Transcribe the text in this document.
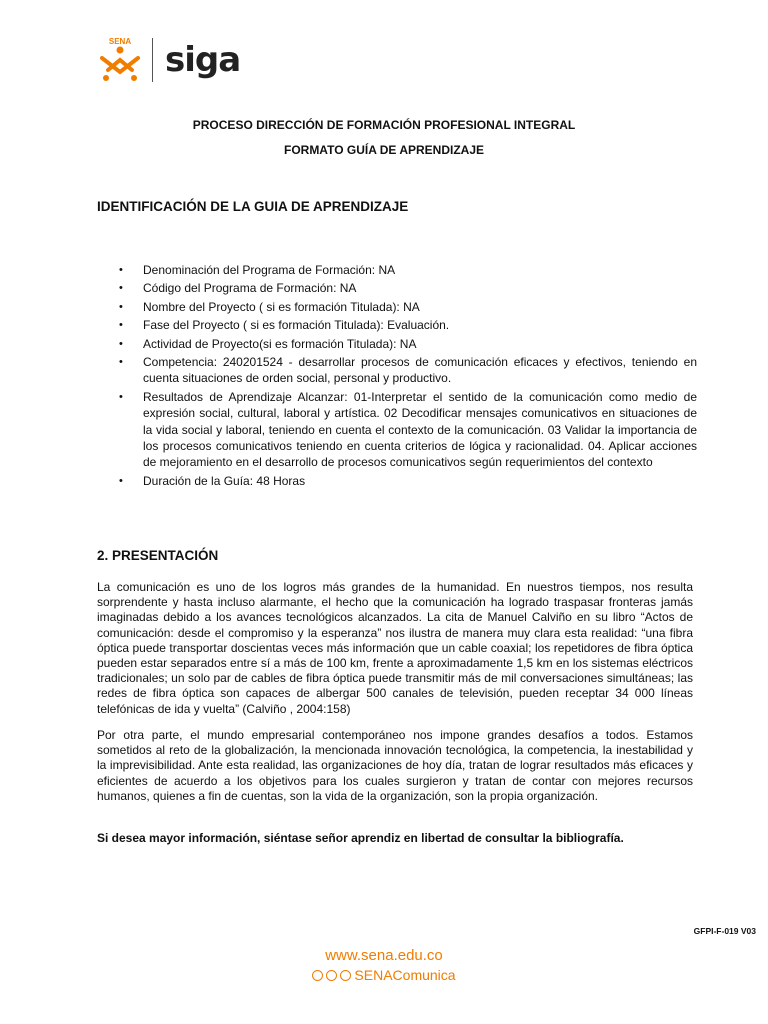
SENA siga
PROCESO DIRECCIÓN DE FORMACIÓN PROFESIONAL INTEGRAL
FORMATO GUÍA DE APRENDIZAJE
IDENTIFICACIÓN DE LA GUIA DE APRENDIZAJE
• Denominación del Programa de Formación: NA
• Código del Programa de Formación: NA
• Nombre del Proyecto ( si es formación Titulada): NA
• Fase del Proyecto ( si es formación Titulada): Evaluación.
• Actividad de Proyecto(si es formación Titulada): NA
• Competencia: 240201524 - desarrollar procesos de comunicación eficaces y efectivos, teniendo en cuenta situaciones de orden social, personal y productivo.
• Resultados de Aprendizaje Alcanzar: 01-Interpretar el sentido de la comunicación como medio de expresión social, cultural, laboral y artística. 02 Decodificar mensajes comunicativos en situaciones de la vida social y laboral, teniendo en cuenta el contexto de la comunicación. 03 Validar la importancia de los procesos comunicativos teniendo en cuenta criterios de lógica y racionalidad. 04. Aplicar acciones de mejoramiento en el desarrollo de procesos comunicativos según requerimientos del contexto
• Duración de la Guía: 48 Horas
2. PRESENTACIÓN

La comunicación es uno de los logros más grandes de la humanidad. En nuestros tiempos, nos resulta sorprendente y hasta incluso alarmante, el hecho que la comunicación ha logrado traspasar fronteras jamás imaginadas debido a los avances tecnológicos alcanzados. La cita de Manuel Calviño en su libro “Actos de comunicación: desde el compromiso y la esperanza” nos ilustra de manera muy clara esta realidad: “una fibra óptica puede transportar doscientas veces más información que un cable coaxial; los repetidores de fibra óptica pueden estar separados entre sí a más de 100 km, frente a aproximadamente 1,5 km en los sistemas eléctricos tradicionales; un solo par de cables de fibra óptica puede transmitir más de mil conversaciones simultáneas; las redes de fibra óptica son capaces de albergar 500 canales de televisión, pueden receptar 34 000 líneas telefónicas de ida y vuelta” (Calviño , 2004:158)

Por otra parte, el mundo empresarial contemporáneo nos impone grandes desafíos a todos. Estamos sometidos al reto de la globalización, la mencionada innovación tecnológica, la competencia, la inestabilidad y la imprevisibilidad. Ante esta realidad, las organizaciones de hoy día, tratan de lograr resultados más eficaces y eficientes de acuerdo a los objetivos para los cuales surgieron y tratan de contar con mejores recursos humanos, quienes a fin de cuentas, son la vida de la organización, son la propia organización.

Si desea mayor información, siéntase señor aprendiz en libertad de consultar la bibliografía.
GFPI-F-019 V03
www.sena.edu.co
SENAComunica
